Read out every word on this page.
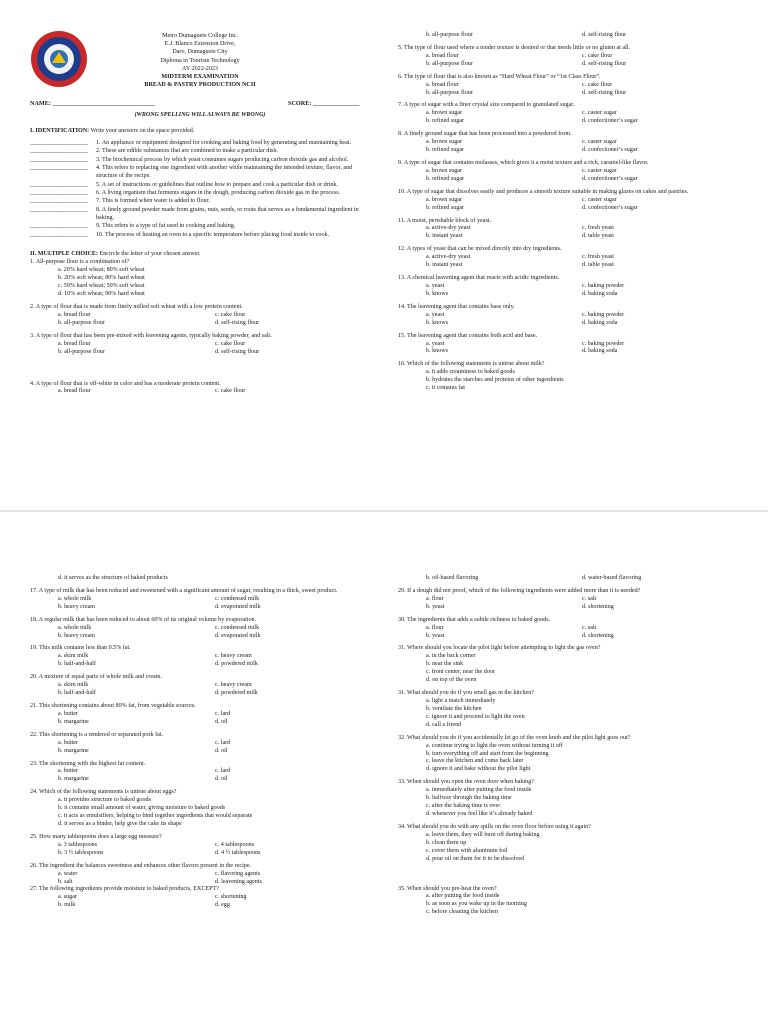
Metro Dumaguete College Inc.
E.J. Blanco Extension Drive,
Daro, Dumaguete City
Diploma in Tourism Technology
AY 2022-2023
MIDTERM EXAMINATION
BREAD & PASTRY PRODUCTION NCII
NAME: _________________________________	SCORE: _______________
(WRONG SPELLING WILL ALWAYS BE WRONG)
I. IDENTIFICATION: Write your answers on the space provided.
___________________	1. An appliance or equipment designed for cooking and baking food by generating and maintaining heat.
___________________	2. These are edible substances that are combined to make a particular dish.
___________________	3. The biochemical process by which yeast consumes sugars producing carbon dioxide gas and alcohol.
___________________	4. This refers to replacing one ingredient with another while maintaining the intended texture, flavor, and structure of the recipe.
___________________	5. A set of instructions or guidelines that outline how to prepare and cook a particular dish or drink.
___________________	6. A living organism that ferments sugars in the dough, producing carbon dioxide gas in the process.
___________________	7. This is formed when water is added to flour.
___________________	8. A finely ground powder made from grains, nuts, seeds, or roots that serves as a fundamental ingredient in baking.
___________________	9. This refers to a type of fat used in cooking and baking.
___________________	10. The process of heating an oven to a specific temperature before placing food inside to cook.
II. MULTIPLE CHOICE: Encircle the letter of your chosen answer.
1. All-purpose flour is a combination of?
a. 20% hard wheat; 80% soft wheat
b. 20% soft wheat; 80% hard wheat
c. 50% hard wheat; 50% soft wheat
d. 10% soft wheat; 90% hard wheat
2. A type of flour that is made from finely milled soft wheat with a low protein content.
a. bread flour	c. cake flour
b. all-purpose flour	d. self-rising flour
3. A type of flour that has been pre-mixed with leavening agents, typically baking powder, and salt.
a. bread flour	c. cake flour
b. all-purpose flour	d. self-rising flour
4. A type of flour that is off-white in color and has a moderate protein content.
a. bread flour	c. cake flour
b. all-purpose flour	d. self-rising flour
5. The type of flour used where a tender texture is desired or that needs little or no gluten at all.
a. bread flour	c. cake flour
b. all-purpose flour	d. self-rising flour
6. The type of flour that is also known as “Hard Wheat Flour” or “1st Class Flour”.
a. bread flour	c. cake flour
b. all-purpose flour	d. self-rising flour
7. A type of sugar with a finer crystal size compared to granulated sugar.
a. brown sugar	c. caster sugar
b. refined sugar	d. confectioner’s sugar
8. A finely ground sugar that has been processed into a powdered form.
a. brown sugar	c. caster sugar
b. refined sugar	d. confectioner’s sugar
9. A type of sugar that contains molasses, which gives it a moist texture and a rich, caramel-like flavor.
a. brown sugar	c. caster sugar
b. refined sugar	d. confectioner’s sugar
10. A type of sugar that dissolves easily and produces a smooth texture suitable in making glazes on cakes and pastries.
a. brown sugar	c. caster sugar
b. refined sugar	d. confectioner’s sugar
11. A moist, perishable block of yeast.
a. active-dry yeast	c. fresh yeast
b. instant yeast	d. table yeast
12. A types of yeast that can be mixed directly into dry ingredients.
a. active-dry yeast	c. fresh yeast
b. instant yeast	d. table yeast
13. A chemical leavening agent that reacts with acidic ingredients.
a. yeast	c. baking powder
b. knows	d. baking soda
14. The leavening agent that contains base only.
a. yeast	c. baking powder
b. knows	d. baking soda
15. The leavening agent that contains both acid and base.
a. yeast	c. baking powder
b. knows	d. baking soda
16. Which of the following statements is untrue about milk?
a. it adds creaminess to baked goods
b. hydrates the starches and proteins of other ingredients
c. it contains fat
d. it serves as the structure of baked products
17. A type of milk that has been reduced and sweetened with a significant amount of sugar, resulting in a thick, sweet product.
a. whole milk	c. condensed milk
b. heavy cream	d. evaporated milk
18. A regular milk that has been reduced to about 60% of its original volume by evaporation.
a. whole milk	c. condensed milk
b. heavy cream	d. evaporated milk
19. This milk contains less than 0.5% fat.
a. skim milk	c. heavy cream
b. half-and-half	d. powdered milk
20. A mixture of equal parts of whole milk and cream.
a. skim milk	c. heavy cream
b. half-and-half	d. powdered milk
21. This shortening contains about 80% fat, from vegetable sources.
a. butter	c. lard
b. margarine	d. oil
22. This shortening is a rendered or separated pork fat.
a. butter	c. lard
b. margarine	d. oil
23. The shortening with the highest fat content.
a. butter	c. lard
b. margarine	d. oil
24. Which of the following statements is untrue about eggs?
a. it provides structure to baked goods
b. it contains small amount of water, giving moisture to baked goods
c. it acts as emulsifiers, helping to bind together ingredients that would separate
d. it serves as a binder, help give the cake its shape
25. How many tablespoons does a large egg measure?
a. 3 tablespoons	c. 4 tablespoons
b. 3 ½ tablespoons	d. 4 ½ tablespoons
26. The ingredient the balances sweetness and enhances other flavors present in the recipe.
a. water	c. flavoring agents
b. salt	d. leavening agents
27. The following ingredients provide moisture to baked products, EXCEPT?
a. sugar	c. shortening
b. milk	d. egg
b. oil-based flavoring	d. water-based flavoring
29. If a dough did not proof, which of the following ingredients were added more than it is needed?
a. flour	c. salt
b. yeast	d. shortening
30. The ingredients that adds a subtle richness to baked goods.
a. flour	c. salt
b. yeast	d. shortening
31. Where should you locate the pilot light before attempting to light the gas oven?
a. in the back corner
b. near the sink
c. front center, near the door
d. on top of the oven
31. What should you do if you smell gas in the kitchen?
a. light a match immediately
b. ventilate the kitchen
c. ignore it and proceed to light the oven
d. call a friend
32. What should you do if you accidentally let go of the oven knob and the pilot light goes out?
a. continue trying to light the oven without turning it off
b. turn everything off and start from the beginning
c. leave the kitchen and come back later
d. ignore it and bake without the pilot light
33. When should you open the oven door when baking?
a. immediately after putting the food inside
b. halfway through the baking time
c. after the baking time is over
d. whenever you feel like it’s already baked
34. What should you do with any spills on the oven floor before using it again?
a. leave them, they will burn off during baking
b. clean them up
c. cover them with aluminum foil
d. pour oil on them for it to be dissolved
35. When should you pre-heat the oven?
a. after putting the food inside
b. as soon as you wake up in the morning
c. before cleaning the kitchen
